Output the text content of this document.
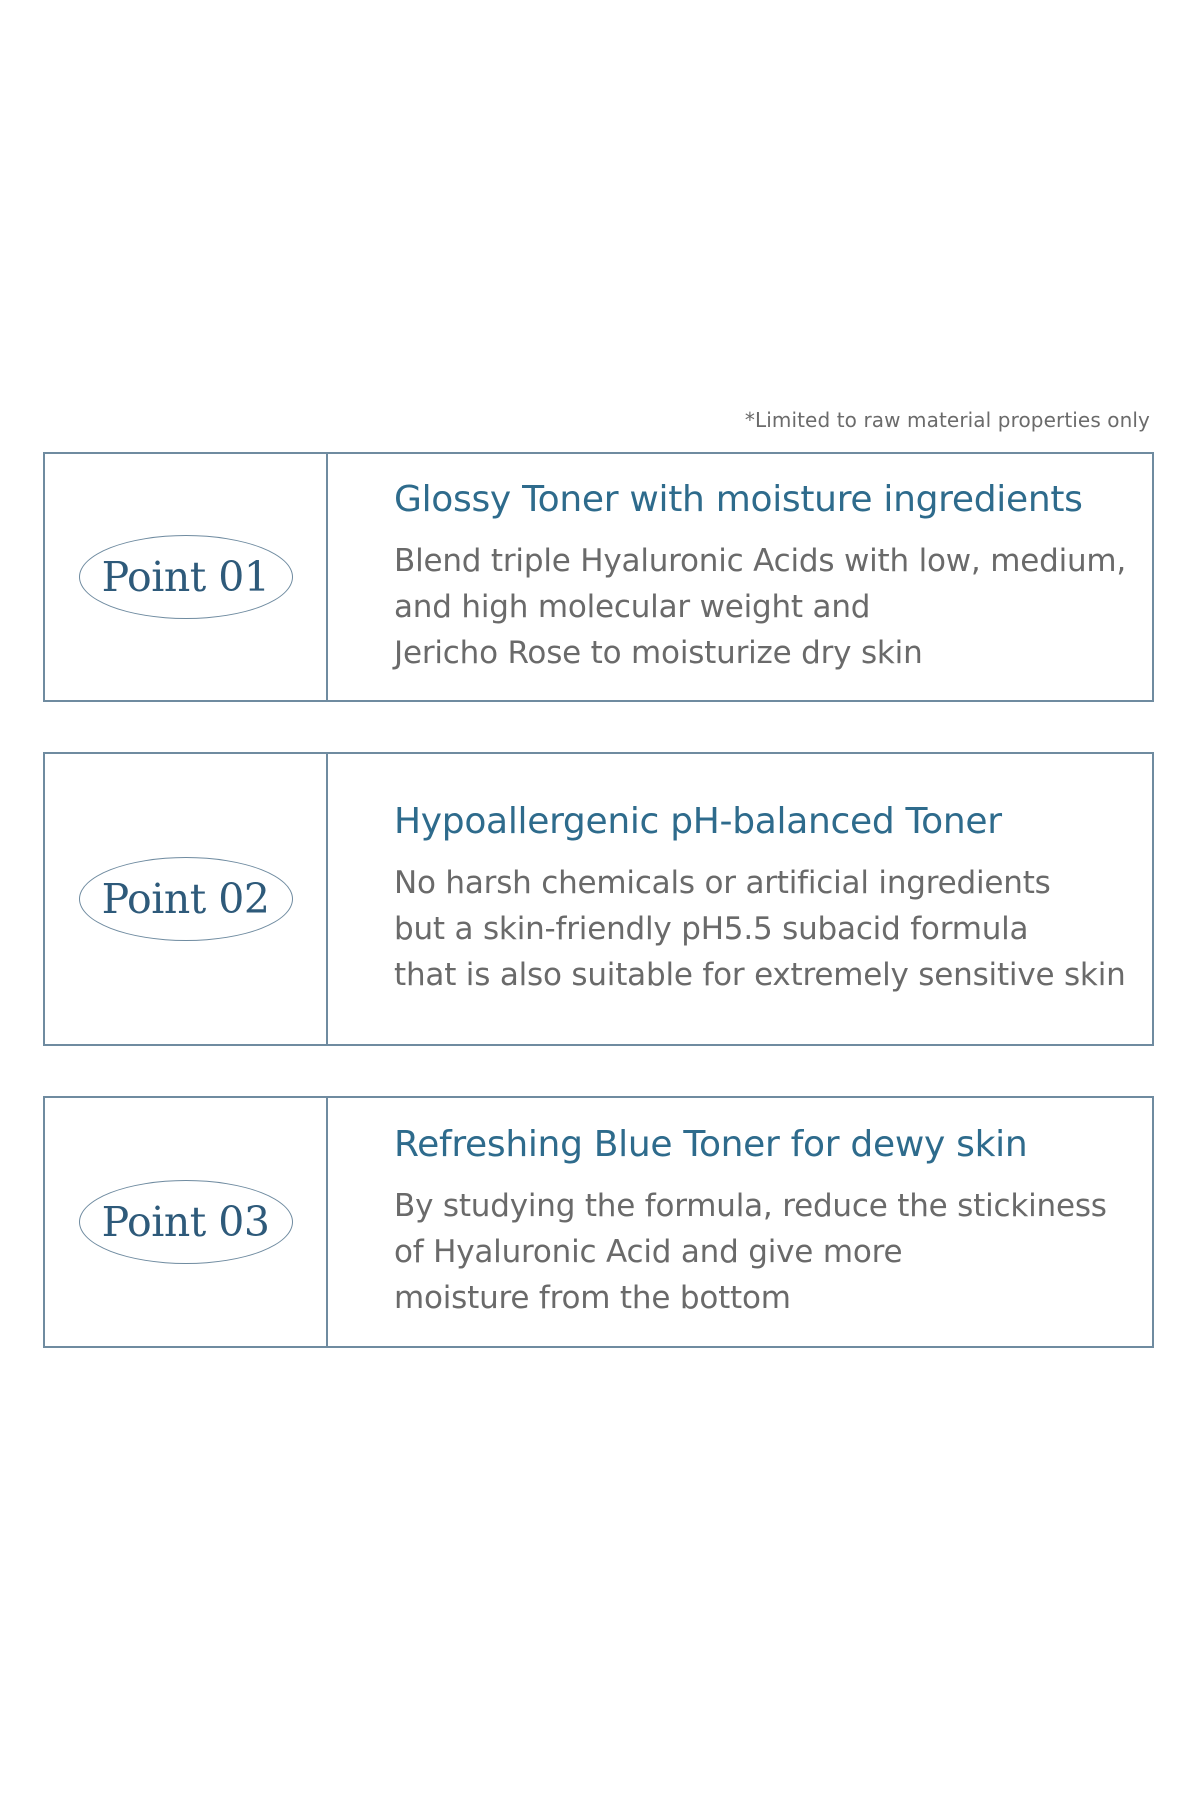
*Limited to raw material properties only
Point 01
Glossy Toner with moisture ingredients

Blend triple Hyaluronic Acids with low, medium,
and high molecular weight and
Jericho Rose to moisturize dry skin

Point 02
Hypoallergenic pH-balanced Toner

No harsh chemicals or artificial ingredients
but a skin-friendly pH5.5 subacid formula
that is also suitable for extremely sensitive skin

Point 03
Refreshing Blue Toner for dewy skin

By studying the formula, reduce the stickiness
of Hyaluronic Acid and give more
moisture from the bottom
